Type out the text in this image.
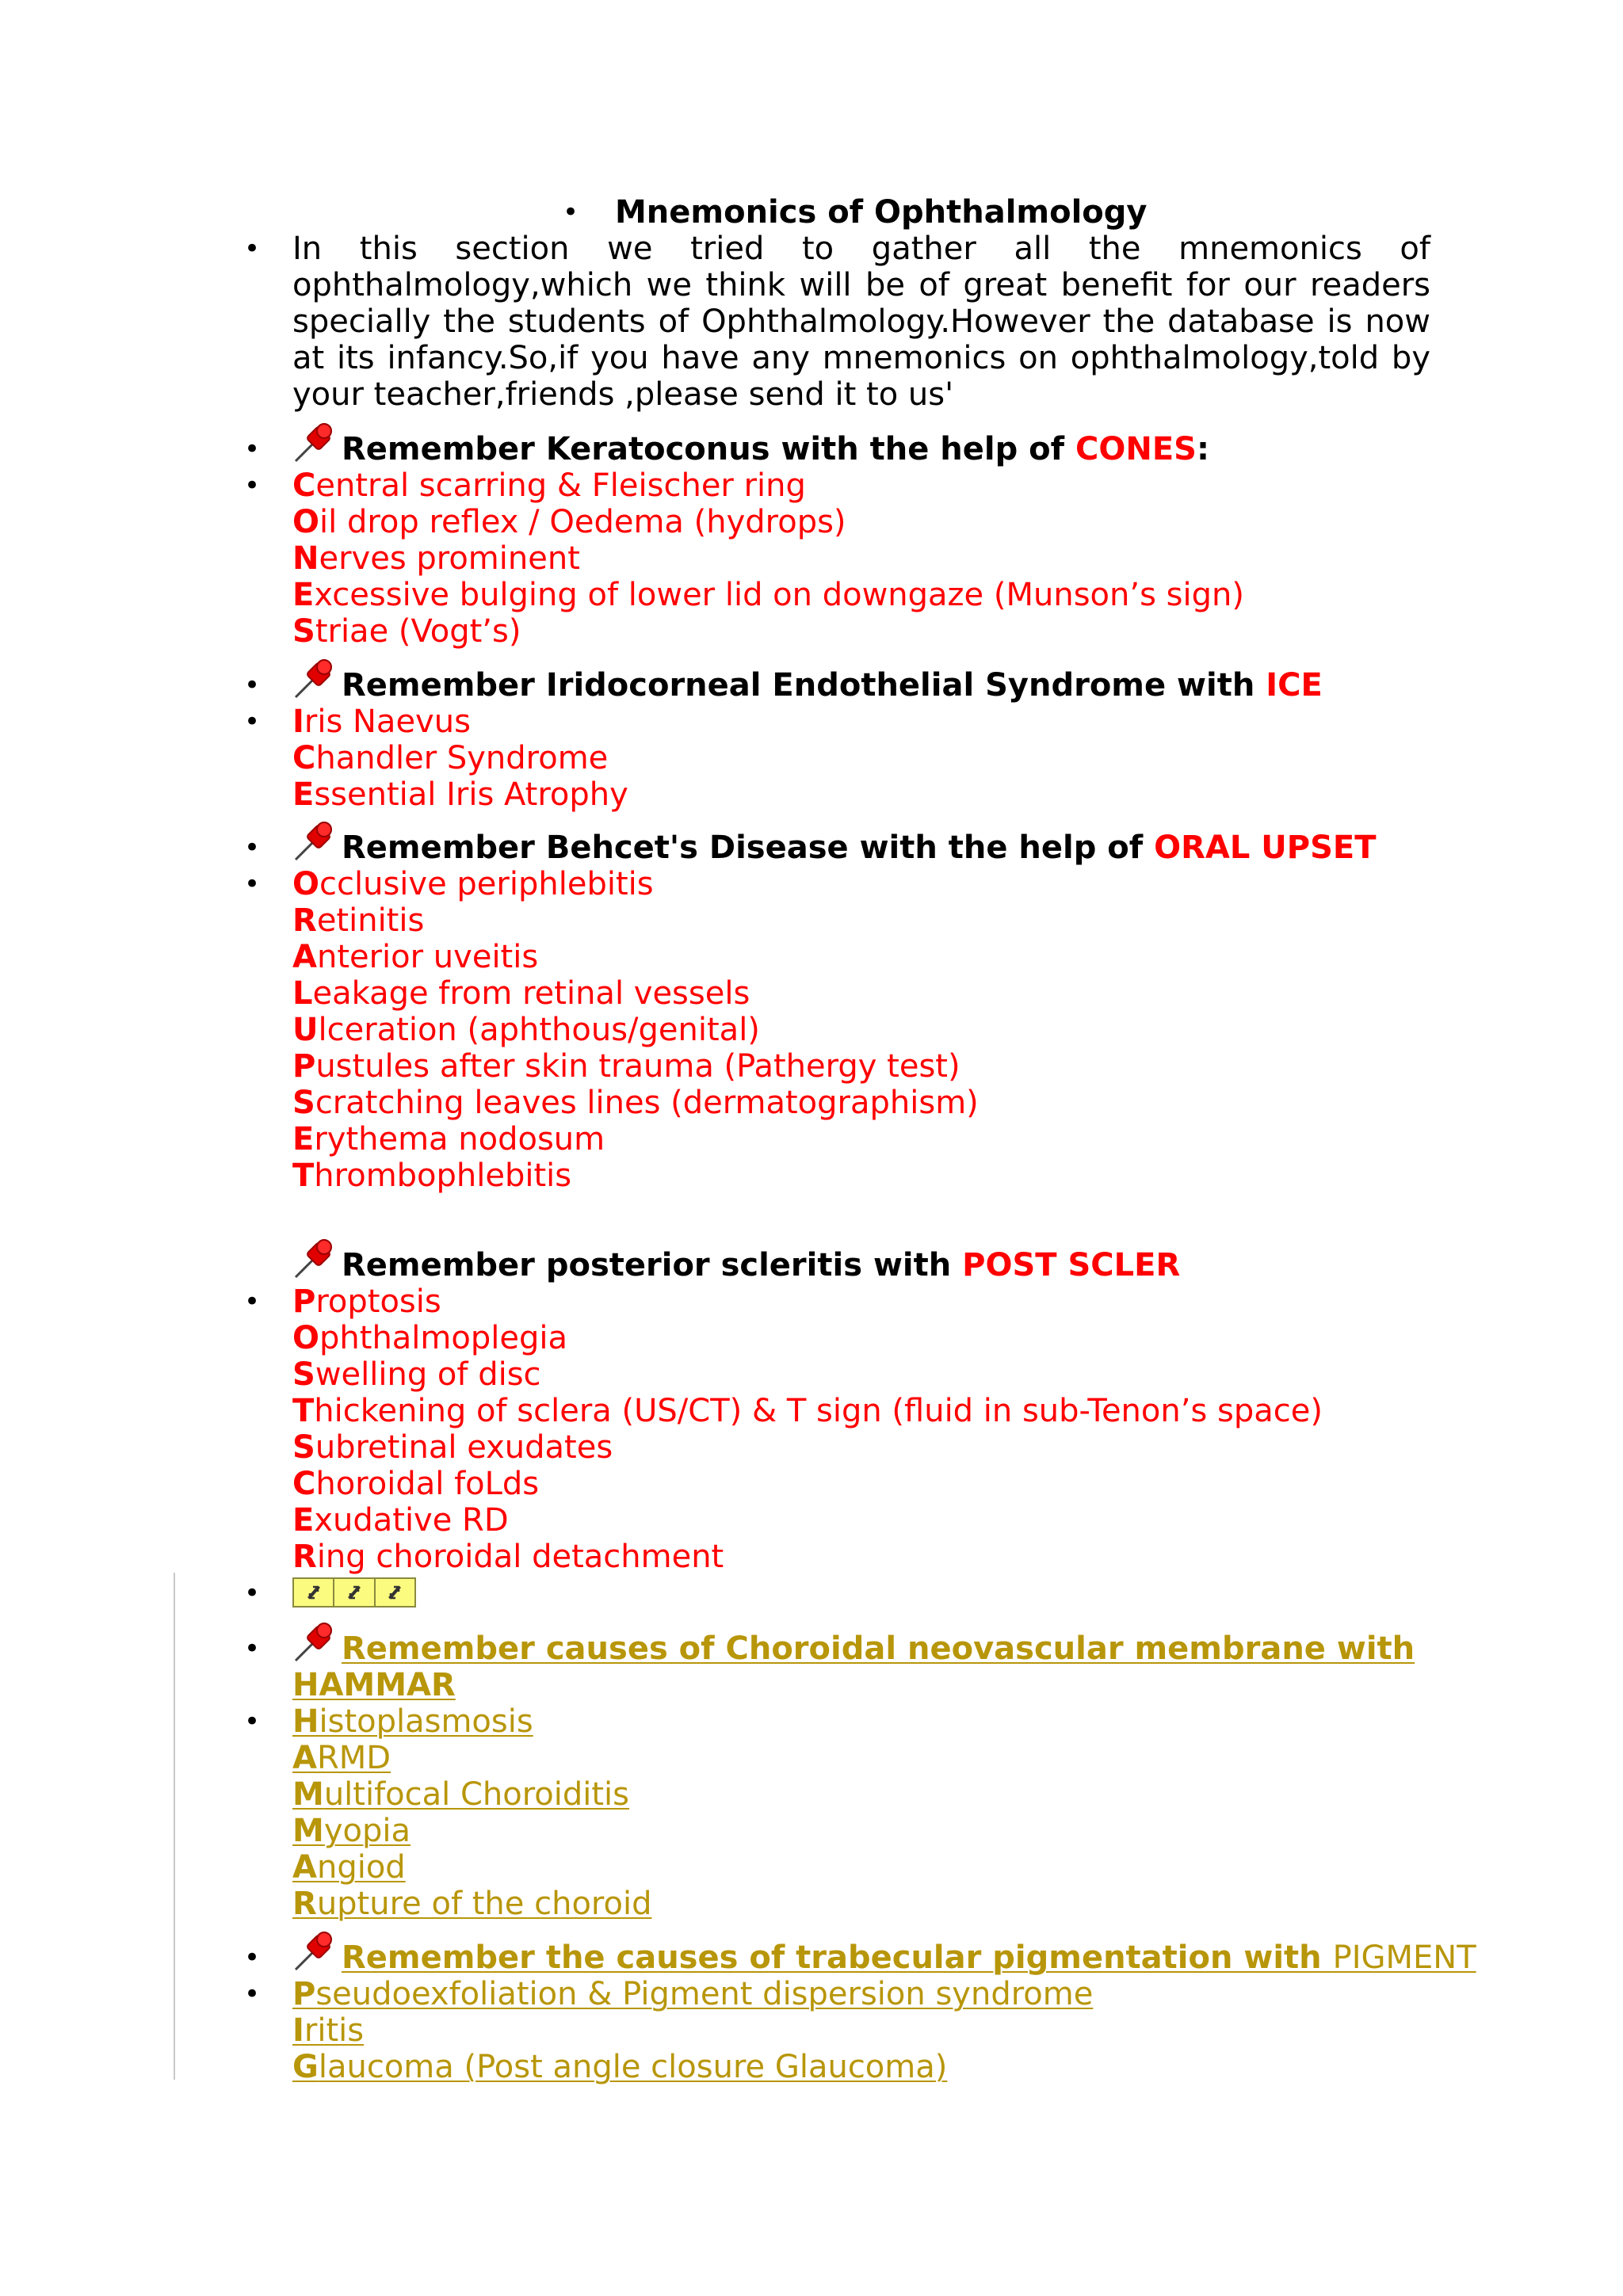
• Mnemonics of Ophthalmology
• In this section we tried to gather all the mnemonics of ophthalmology,which we think will be of great benefit for our readers specially the students of Ophthalmology.However the database is now at its infancy.So,if you have any mnemonics on ophthalmology,told by your teacher,friends ,please send it to us'
•	Remember Keratoconus with the help of CONES:
• Central scarring & Fleischer ring
Oil drop reflex / Oedema (hydrops)
Nerves prominent
Excessive bulging of lower lid on downgaze (Munson’s sign)
Striae (Vogt’s)
•	Remember Iridocorneal Endothelial Syndrome with ICE
• Iris Naevus
Chandler Syndrome
Essential Iris Atrophy
•	Remember Behcet's Disease with the help of ORAL UPSET
• Occlusive periphlebitis
Retinitis
Anterior uveitis
Leakage from retinal vessels
Ulceration (aphthous/genital)
Pustules after skin trauma (Pathergy test)
Scratching leaves lines (dermatographism)
Erythema nodosum
Thrombophlebitis
Remember posterior scleritis with POST SCLER
• Proptosis
Ophthalmoplegia
Swelling of disc
Thickening of sclera (US/CT) & T sign (fluid in sub-Tenon’s space)
Subretinal exudates
Choroidal foLds
Exudative RD
Ring choroidal detachment
•
•	Remember causes of Choroidal neovascular membrane with
HAMMAR
• Histoplasmosis
ARMD
Multifocal Choroiditis
Myopia
Angiod
Rupture of the choroid
•	Remember the causes of trabecular pigmentation with PIGMENT
• Pseudoexfoliation & Pigment dispersion syndrome
Iritis
Glaucoma (Post angle closure Glaucoma)
